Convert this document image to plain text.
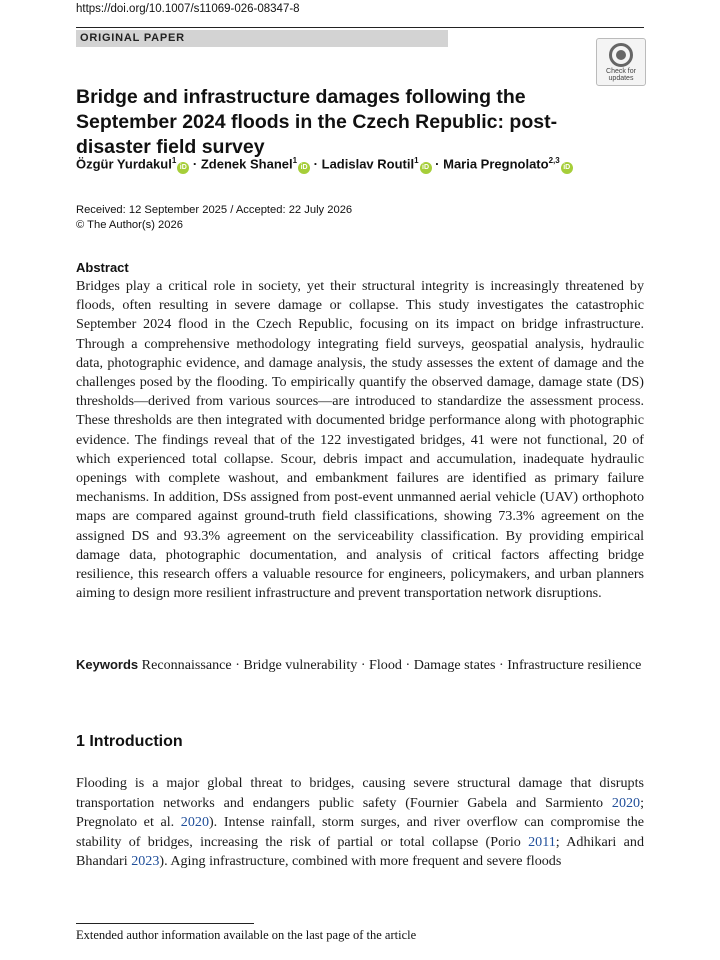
https://doi.org/10.1007/s11069-026-08347-8
ORIGINAL PAPER
Check for
updates
Bridge and infrastructure damages following the September 2024 floods in the Czech Republic: post-disaster field survey
Özgür Yurdakul$^1$iD · Zdenek Shanel$^1$iD · Ladislav Routil$^1$iD · Maria Pregnolato$^{2,3}$iD
Received: 12 September 2025 / Accepted: 22 July 2026
© The Author(s) 2026
Abstract

Bridges play a critical role in society, yet their structural integrity is increasingly threatened by floods, often resulting in severe damage or collapse. This study investigates the catastrophic September 2024 flood in the Czech Republic, focusing on its impact on bridge infrastructure. Through a comprehensive methodology integrating field surveys, geospatial analysis, hydraulic data, photographic evidence, and damage analysis, the study assesses the extent of damage and the challenges posed by the flooding. To empirically quantify the observed damage, damage state (DS) thresholds—derived from various sources—are introduced to standardize the assessment process. These thresholds are then integrated with documented bridge performance along with photographic evidence. The findings reveal that of the 122 investigated bridges, 41 were not functional, 20 of which experienced total collapse. Scour, debris impact and accumulation, inadequate hydraulic openings with complete washout, and embankment failures are identified as primary failure mechanisms. In addition, DSs assigned from post-event unmanned aerial vehicle (UAV) orthophoto maps are compared against ground-truth field classifications, showing 73.3% agreement on the assigned DS and 93.3% agreement on the serviceability classification. By providing empirical damage data, photographic documentation, and analysis of critical factors affecting bridge resilience, this research offers a valuable resource for engineers, policymakers, and urban planners aiming to design more resilient infrastructure and prevent transportation network disruptions.

Keywords Reconnaissance · Bridge vulnerability · Flood · Damage states · Infrastructure resilience
1 Introduction

Flooding is a major global threat to bridges, causing severe structural damage that disrupts transportation networks and endangers public safety (Fournier Gabela and Sarmiento 2020; Pregnolato et al. 2020). Intense rainfall, storm surges, and river overflow can compromise the stability of bridges, increasing the risk of partial or total collapse (Porio 2011; Adhikari and Bhandari 2023). Aging infrastructure, combined with more frequent and severe floods

Extended author information available on the last page of the article
